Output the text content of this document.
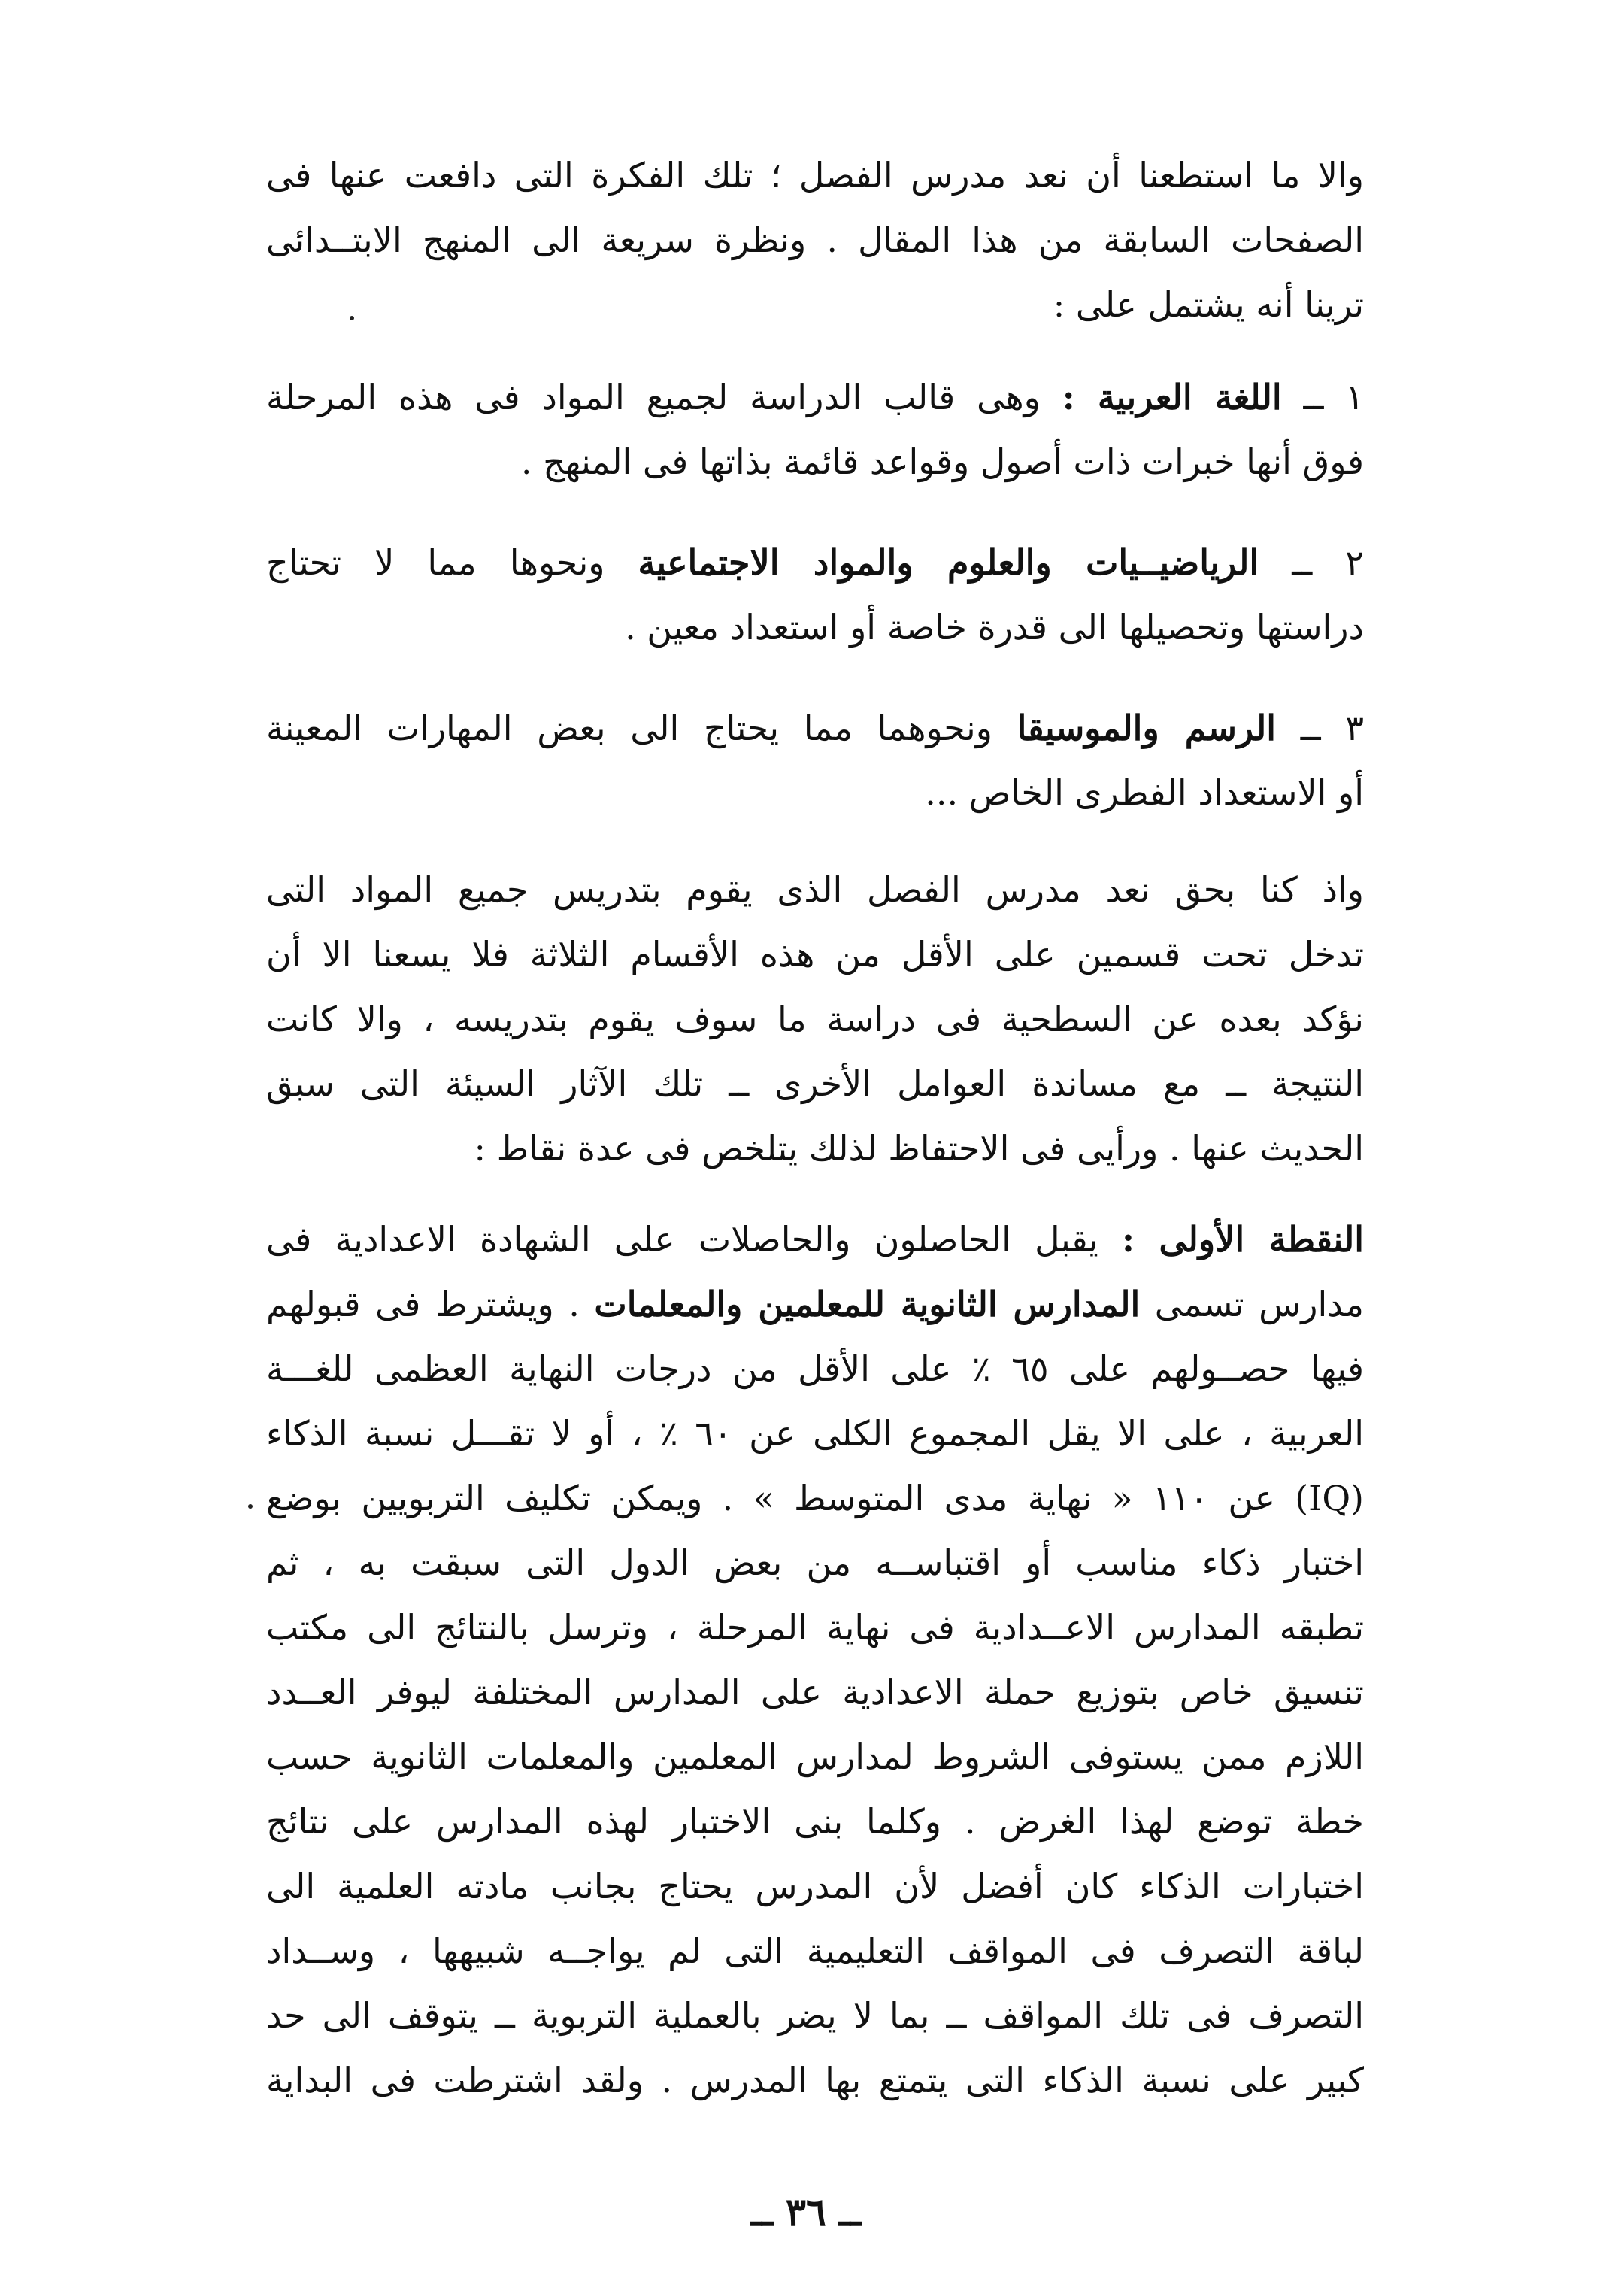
والا ما استطعنا أن نعد مدرس الفصل ؛ تلك الفكرة التى دافعت عنها فى
الصفحات السابقة من هذا المقال . ونظرة سريعة الى المنهج الابتــدائى
ترينا أنه يشتمل على :
١ ــ اللغة العربية : وهى قالب الدراسة لجميع المواد فى هذه المرحلة
فوق أنها خبرات ذات أصول وقواعد قائمة بذاتها فى المنهج .
٢ ــ الرياضيــيات والعلوم والمواد الاجتماعية ونحوها مما لا تحتاج
دراستها وتحصيلها الى قدرة خاصة أو استعداد معين .
٣ ــ الرسم والموسيقا ونحوهما مما يحتاج الى بعض المهارات المعينة
أو الاستعداد الفطرى الخاص ...
واذ كنا بحق نعد مدرس الفصل الذى يقوم بتدريس جميع المواد التى
تدخل تحت قسمين على الأقل من هذه الأقسام الثلاثة فلا يسعنا الا أن
نؤكد بعده عن السطحية فى دراسة ما سوف يقوم بتدريسه ، والا كانت
النتيجة ــ مع مساندة العوامل الأخرى ــ تلك الآثار السيئة التى سبق
الحديث عنها . ورأيى فى الاحتفاظ لذلك يتلخص فى عدة نقاط :
النقطة الأولى : يقبل الحاصلون والحاصلات على الشهادة الاعدادية فى
مدارس تسمى المدارس الثانوية للمعلمين والمعلمات . ويشترط فى قبولهم
فيها حصــولهم على ٦٥ ٪ على الأقل من درجات النهاية العظمى للغـــة
العربية ، على الا يقل المجموع الكلى عن ٦٠ ٪ ، أو لا تقـــل نسبة الذكاء
(IQ) عن ١١٠ « نهاية مدى المتوسط » . ويمكن تكليف التربويين بوضع
اختبار ذكاء مناسب أو اقتباســه من بعض الدول التى سبقت به ، ثم
تطبقه المدارس الاعــدادية فى نهاية المرحلة ، وترسل بالنتائج الى مكتب
تنسيق خاص بتوزيع حملة الاعدادية على المدارس المختلفة ليوفر العــدد
اللازم ممن يستوفى الشروط لمدارس المعلمين والمعلمات الثانوية حسب
خطة توضع لهذا الغرض . وكلما بنى الاختبار لهذه المدارس على نتائج
اختبارات الذكاء كان أفضل لأن المدرس يحتاج بجانب مادته العلمية الى
لباقة التصرف فى المواقف التعليمية التى لم يواجــه شبيهها ، وســداد
التصرف فى تلك المواقف ــ بما لا يضر بالعملية التربوية ــ يتوقف الى حد
كبير على نسبة الذكاء التى يتمتع بها المدرس . ولقد اشترطت فى البداية
ــ ٣٦ ــ
